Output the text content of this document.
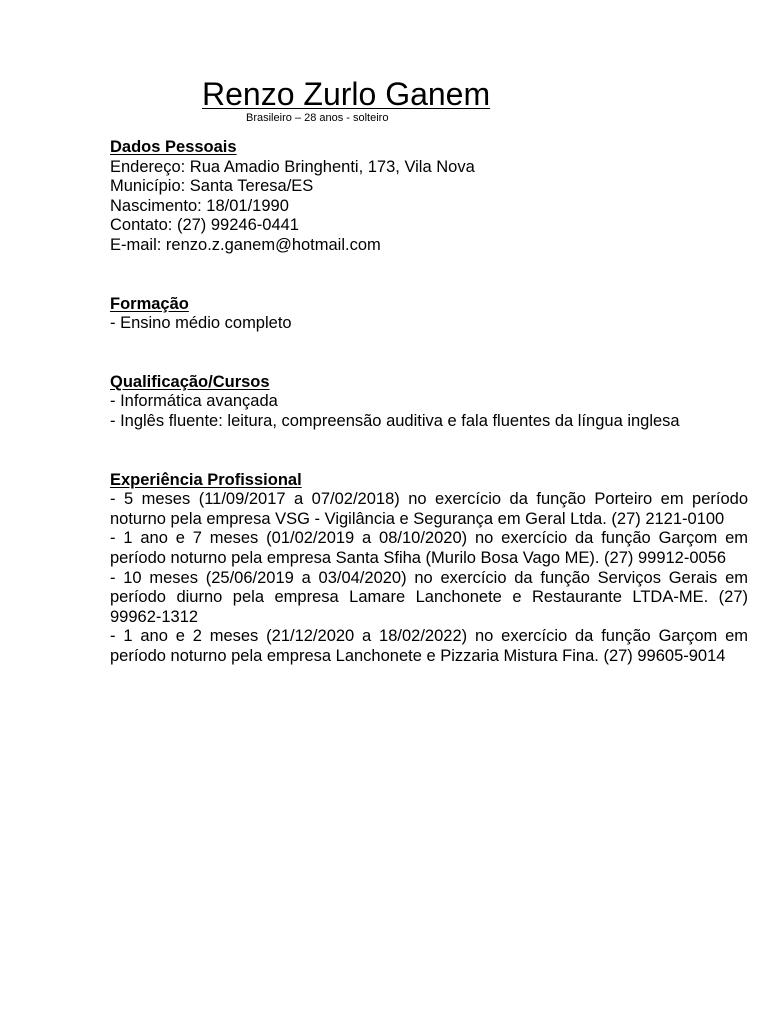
Renzo Zurlo Ganem
Brasileiro – 28 anos - solteiro

Dados Pessoais

Endereço: Rua Amadio Bringhenti, 173, Vila Nova

Município: Santa Teresa/ES

Nascimento: 18/01/1990

Contato: (27) 99246-0441

E-mail: renzo.z.ganem@hotmail.com

Formação

- Ensino médio completo

Qualificação/Cursos

- Informática avançada

- Inglês fluente: leitura, compreensão auditiva e fala fluentes da língua inglesa

Experiência Profissional

- 5 meses (11/09/2017 a 07/02/2018) no exercício da função Porteiro em período noturno pela empresa VSG - Vigilância e Segurança em Geral Ltda. (27) 2121-0100

- 1 ano e 7 meses (01/02/2019 a 08/10/2020) no exercício da função Garçom em período noturno pela empresa Santa Sfiha (Murilo Bosa Vago ME). (27) 99912-0056

- 10 meses (25/06/2019 a 03/04/2020) no exercício da função Serviços Gerais em período diurno pela empresa Lamare Lanchonete e Restaurante LTDA-ME. (27) 99962-1312

- 1 ano e 2 meses (21/12/2020 a 18/02/2022) no exercício da função Garçom em período noturno pela empresa Lanchonete e Pizzaria Mistura Fina. (27) 99605-9014
